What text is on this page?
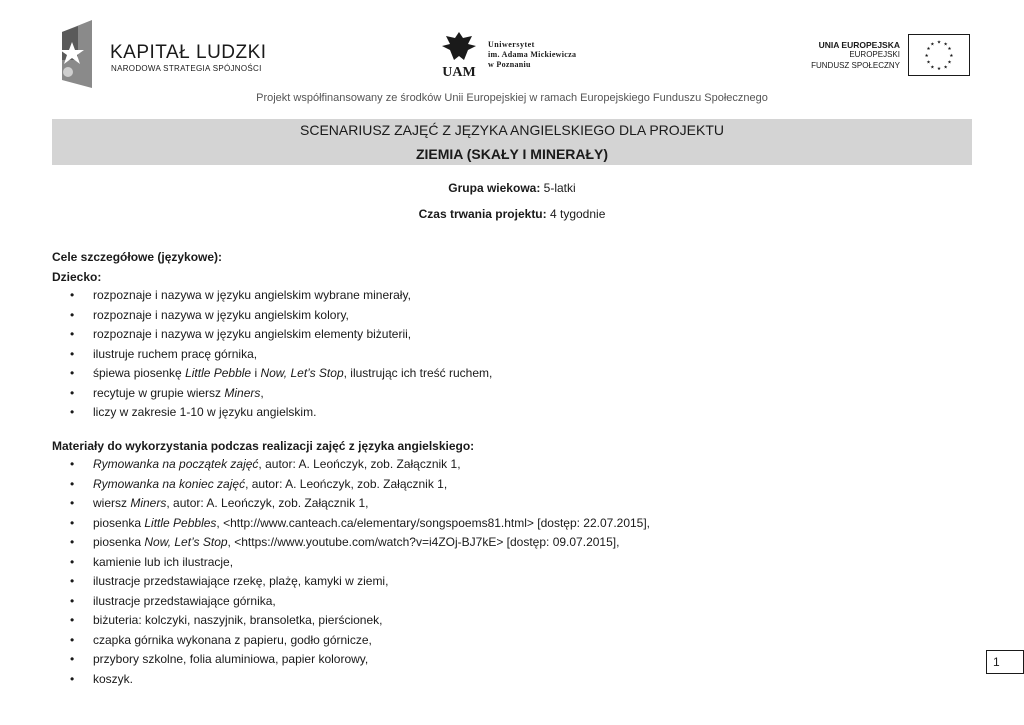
KAPITAŁ LUDZKI
NARODOWA STRATEGIA SPÓJNOŚCI	UAM
Uniwersytet
im. Adama Mickiewicza
w Poznaniu
UNIA EUROPEJSKA
EUROPEJSKI
FUNDUSZ SPOŁECZNY
★ ★
★
★
★
★
★
★
★
★
★
★
Projekt współfinansowany ze środków Unii Europejskiej w ramach Europejskiego Funduszu Społecznego
SCENARIUSZ ZAJĘĆ Z JĘZYKA ANGIELSKIEGO DLA PROJEKTU
ZIEMIA (SKAŁY I MINERAŁY)
Grupa wiekowa: 5-latki
Czas trwania projektu: 4 tygodnie
Cele szczegółowe (językowe):
Dziecko:
• rozpoznaje i nazywa w języku angielskim wybrane minerały,
• rozpoznaje i nazywa w języku angielskim kolory,
• rozpoznaje i nazywa w języku angielskim elementy biżuterii,
• ilustruje ruchem pracę górnika,
• śpiewa piosenkę Little Pebble i Now, Let’s Stop, ilustrując ich treść ruchem,
• recytuje w grupie wiersz Miners,
• liczy w zakresie 1-10 w języku angielskim.
Materiały do wykorzystania podczas realizacji zajęć z języka angielskiego:
• Rymowanka na początek zajęć, autor: A. Leończyk, zob. Załącznik 1,
• Rymowanka na koniec zajęć, autor: A. Leończyk, zob. Załącznik 1,
• wiersz Miners, autor: A. Leończyk, zob. Załącznik 1,
• piosenka Little Pebbles, <http://www.canteach.ca/elementary/songspoems81.html> [dostęp: 22.07.2015],
• piosenka Now, Let’s Stop, <https://www.youtube.com/watch?v=i4ZOj-BJ7kE> [dostęp: 09.07.2015],
• kamienie lub ich ilustracje,
• ilustracje przedstawiające rzekę, plażę, kamyki w ziemi,
• ilustracje przedstawiające górnika,
• biżuteria: kolczyki, naszyjnik, bransoletka, pierścionek,
• czapka górnika wykonana z papieru, godło górnicze,
• przybory szkolne, folia aluminiowa, papier kolorowy,
• koszyk.
1
